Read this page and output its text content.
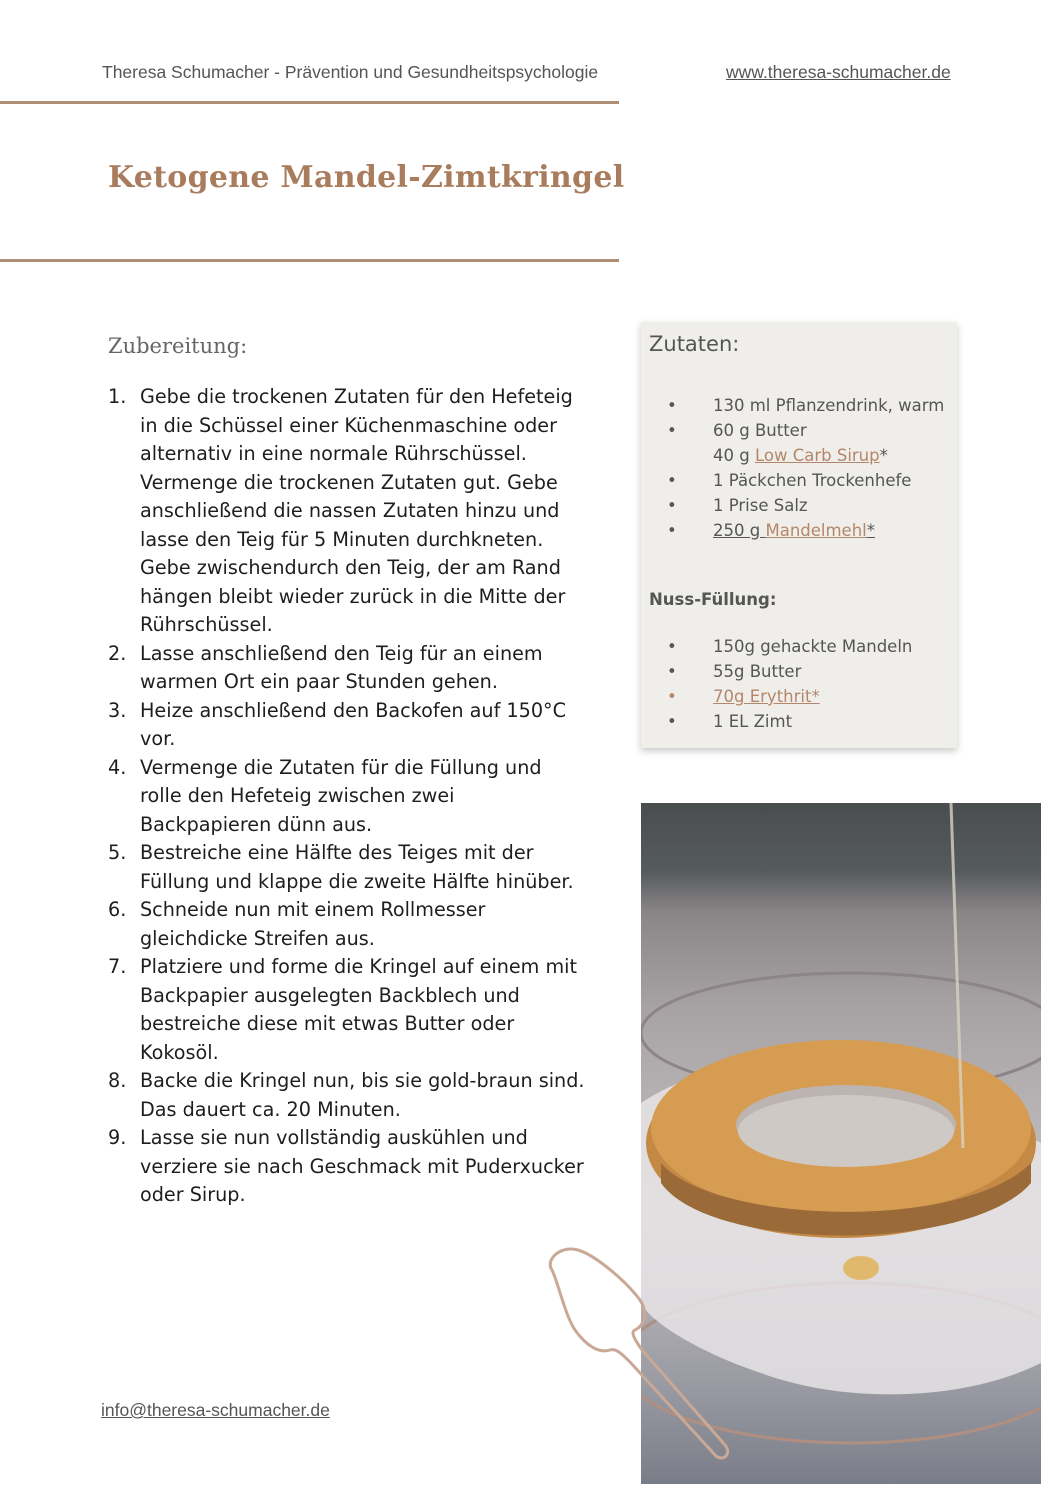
Theresa Schumacher - Prävention und Gesundheitspsychologie	www.theresa-schumacher.de
Ketogene Mandel-Zimtkringel
Zubereitung:
1. Gebe die trockenen Zutaten für den Hefeteig
in die Schüssel einer Küchenmaschine oder
alternativ in eine normale Rührschüssel.
Vermenge die trockenen Zutaten gut. Gebe
anschließend die nassen Zutaten hinzu und
lasse den Teig für 5 Minuten durchkneten.
Gebe zwischendurch den Teig, der am Rand
hängen bleibt wieder zurück in die Mitte der
Rührschüssel.
2. Lasse anschließend den Teig für an einem
warmen Ort ein paar Stunden gehen.
3. Heize anschließend den Backofen auf 150°C
vor.
4. Vermenge die Zutaten für die Füllung und
rolle den Hefeteig zwischen zwei
Backpapieren dünn aus.
5. Bestreiche eine Hälfte des Teiges mit der
Füllung und klappe die zweite Hälfte hinüber.
6. Schneide nun mit einem Rollmesser
gleichdicke Streifen aus.
7. Platziere und forme die Kringel auf einem mit
Backpapier ausgelegten Backblech und
bestreiche diese mit etwas Butter oder
Kokosöl.
8. Backe die Kringel nun, bis sie gold-braun sind.
Das dauert ca. 20 Minuten.
9. Lasse sie nun vollständig auskühlen und
verziere sie nach Geschmack mit Puderxucker
oder Sirup.
Zutaten:
• 130 ml Pflanzendrink, warm
• 60 g Butter
40 g Low Carb Sirup*
• 1 Päckchen Trockenhefe
• 1 Prise Salz
• 250 g Mandelmehl*
Nuss-Füllung:
• 150g gehackte Mandeln
• 55g Butter
• 70g Erythrit*
• 1 EL Zimt
info@theresa-schumacher.de
